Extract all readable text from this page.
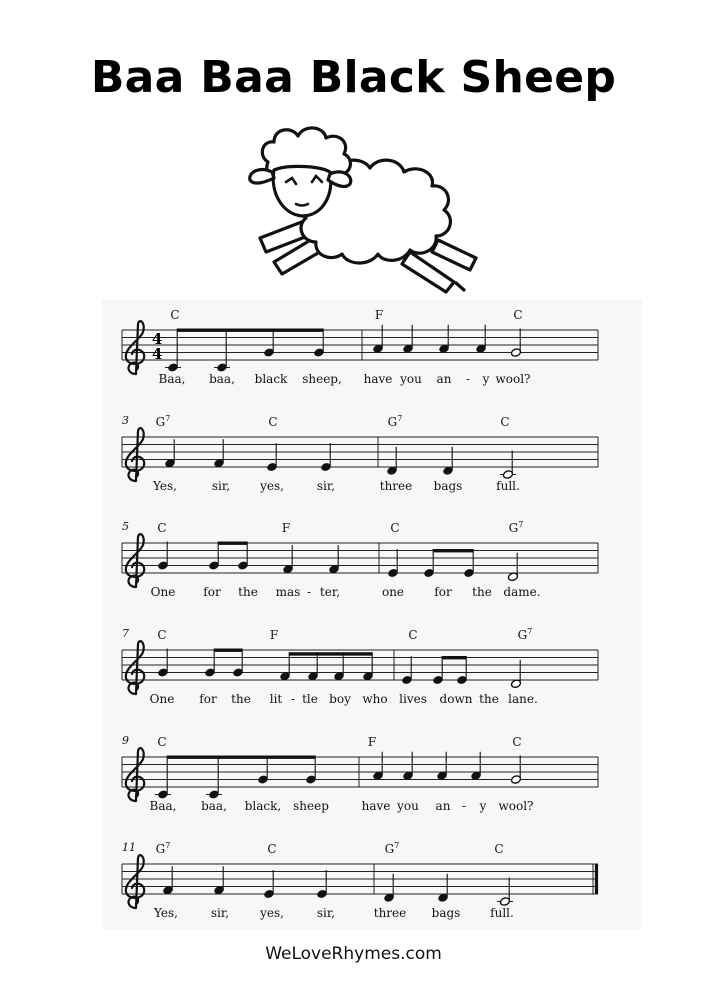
Baa Baa Black Sheep
4
4
C	F	C
Baa, baa, black sheep, have you an - y wool?
3 $G^7$	C	$G^7$	C
Yes,	sir, yes,	sir,	three bags	full.
5 C	F	C	$G^7$
One for the mas - ter,	one	for the dame.
7 C	F	C	$G^7$
One for the lit - tle boy who lives down the lane.
9 C	F	C
Baa, baa, black, sheep	have you an - y wool?
11 $G^7$	C	$G^7$	C
Yes,	sir,	yes,	sir,	three bags full.
WeLoveRhymes.com
